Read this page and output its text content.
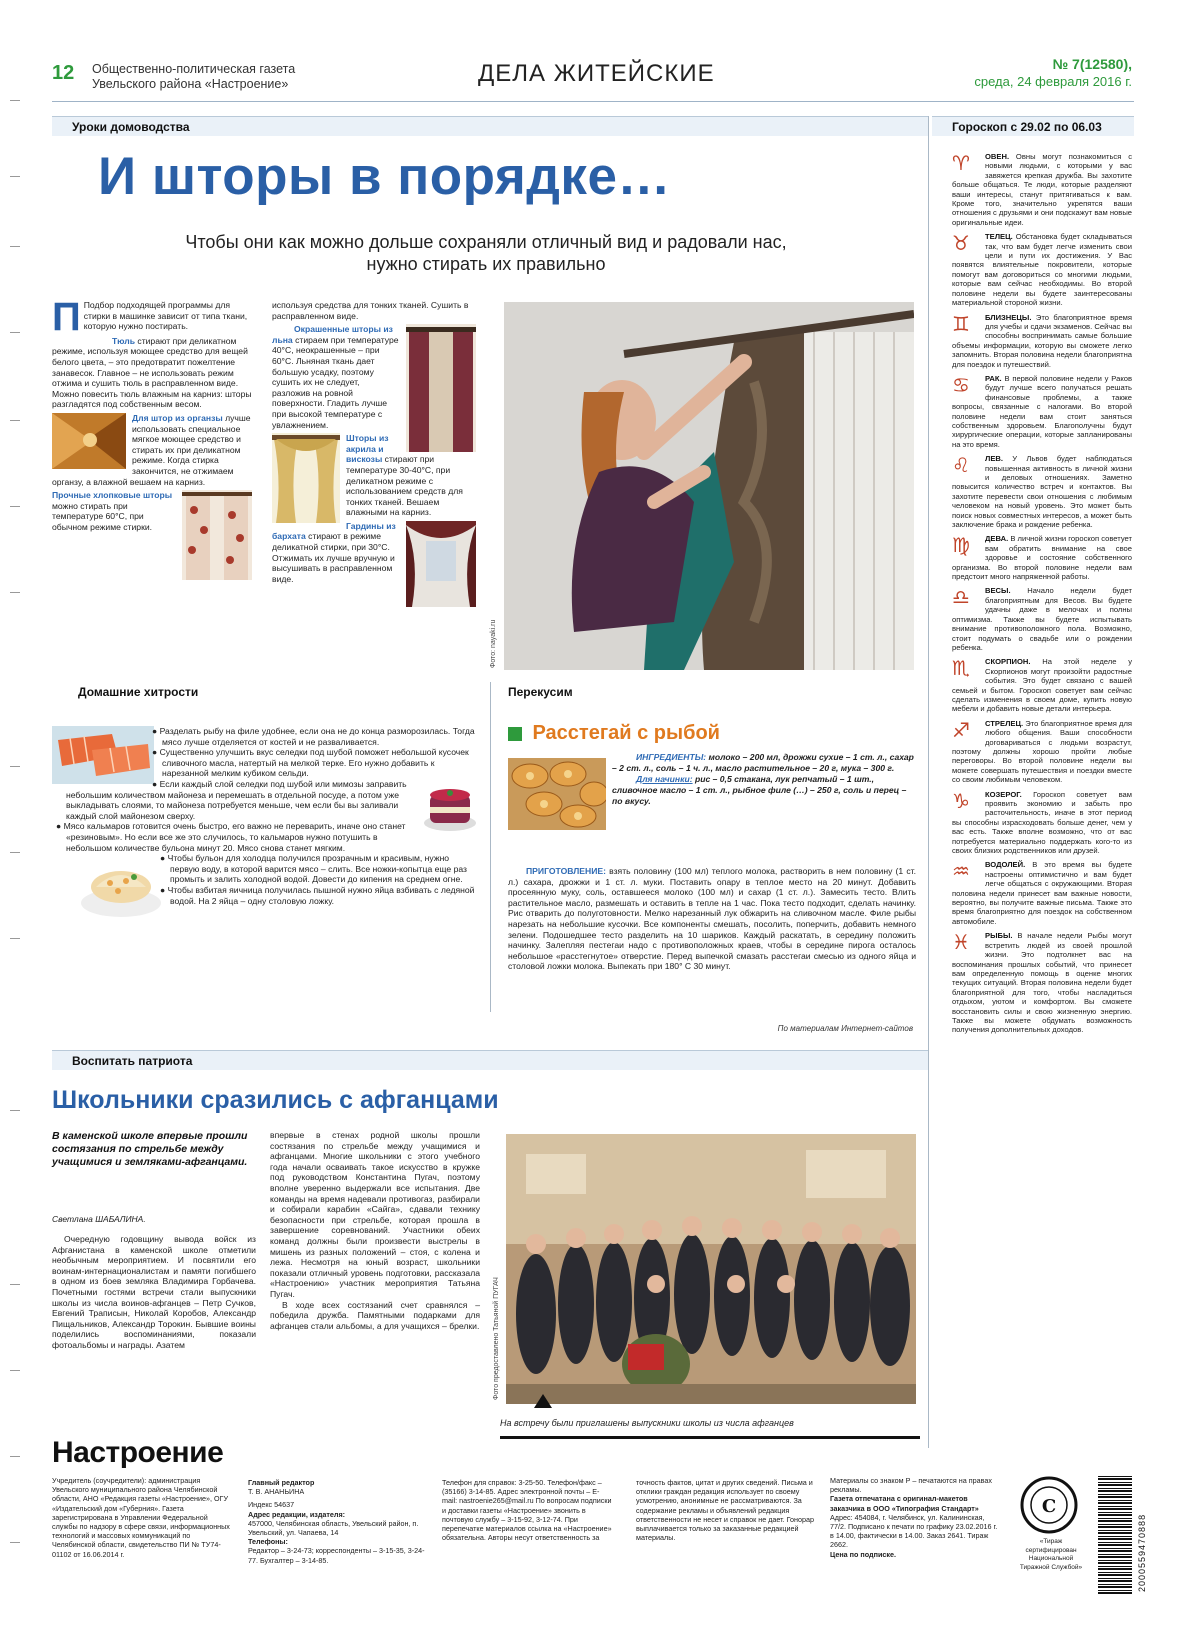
12 Общественно-политическая газета
Увельского района «Настроение»	ДЕЛА ЖИТЕЙСКИЕ	№ 7(12580),
среда, 24 февраля 2016 г.
Уроки домоводства
И шторы в порядке…
Чтобы они как можно дольше сохраняли отличный вид и радовали нас,
нужно стирать их правильно
П Подбор подходящей программы для стирки в машинке зависит от типа ткани, которую нужно постирать.
Тюль стирают при деликатном режиме, используя моющее средство для вещей белого цвета, – это предотвратит пожелтение занавесок. Главное – не использовать режим отжима и сушить тюль в расправленном виде. Можно повесить тюль влажным на карниз: шторы разгладятся под собственным весом.
Для штор из органзы лучше использовать специальное мягкое моющее средство и стирать их при деликатном режиме. Когда стирка закончится, не отжимаем органзу, а влажной вешаем на карниз.
Прочные хлопковые шторы можно стирать при температуре 60°С, при обычном режиме стирки.
используя средства для тонких тканей. Сушить в расправленном виде.
Окрашенные шторы из льна стираем при температуре 40°С, неокрашенные – при 60°С. Льняная ткань дает большую усадку, поэтому сушить их не следует, разложив на ровной поверхности. Гладить лучше при высокой температуре с увлажнением.
Шторы из акрила и вискозы стирают при температуре 30-40°С, при деликатном режиме с использованием средств для тонких тканей. Вешаем влажными на карниз.
Гардины из бархата стирают в режиме деликатной стирки, при 30°С. Отжимать их лучше вручную и высушивать в расправленном виде.
Фото: nayaki.ru
Домашние хитрости
● Разделать рыбу на филе удобнее, если она не до конца разморозилась. Тогда мясо лучше отделяется от костей и не разваливается.
● Существенно улучшить вкус селедки под шубой поможет небольшой кусочек сливочного масла, натертый на мелкой терке. Его нужно добавить к нарезанной мелким кубиком сельди.
● Если каждый слой селедки под шубой или мимозы заправить небольшим количеством майонеза и перемешать в отдельной посуде, а потом уже выкладывать слоями, то майонеза потребуется меньше, чем если бы вы заливали каждый слой майонезом сверху.
● Мясо кальмаров готовится очень быстро, его важно не переварить, иначе оно станет «резиновым». Но если все же это случилось, то кальмаров нужно потушить в небольшом количестве бульона минут 20. Мясо снова станет мягким.
● Чтобы бульон для холодца получился прозрачным и красивым, нужно первую воду, в которой варится мясо – слить. Все ножки-копытца еще раз промыть и залить холодной водой. Довести до кипения на среднем огне.
● Чтобы взбитая яичница получилась пышной нужно яйца взбивать с ледяной водой. На 2 яйца – одну столовую ложку.
Перекусим
Расстегай с рыбой
ИНГРЕДИЕНТЫ: молоко – 200 мл, дрожжи сухие – 1 ст. л., сахар – 2 ст. л., соль – 1 ч. л., масло растительное – 20 г, мука – 300 г.
Для начинки: рис – 0,5 стакана, лук репчатый – 1 шт., сливочное масло – 1 ст. л., рыбное филе (…) – 250 г, соль и перец – по вкусу.
ПРИГОТОВЛЕНИЕ: взять половину (100 мл) теплого молока, растворить в нем половину (1 ст. л.) сахара, дрожжи и 1 ст. л. муки. Поставить опару в теплое место на 20 минут. Добавить просеянную муку, соль, оставшееся молоко (100 мл) и сахар (1 ст. л.). Замесить тесто. Влить растительное масло, размешать и оставить в тепле на 1 час. Пока тесто подходит, сделать начинку. Рис отварить до полуготовности. Мелко нарезанный лук обжарить на сливочном масле. Филе рыбы нарезать на небольшие кусочки. Все компоненты смешать, посолить, поперчить, добавить немного зелени. Подошедшее тесто разделить на 10 шариков. Каждый раскатать, в середину положить начинку. Залепляя пестегаи надо с противоположных краев, чтобы в середине пирога осталось небольшое «расстегнутое» отверстие. Перед выпечкой смазать расстегаи смесью из одного яйца и столовой ложки молока. Выпекать при 180° С 30 минут.
По материалам Интернет-сайтов
Воспитать патриота
Школьники сразились с афганцами
В каменской школе впервые прошли состязания по стрельбе между учащимися и земляками-афганцами.
Светлана ШАБАЛИНА.
Очередную годовщину вывода войск из Афганистана в каменской школе отметили необычным мероприятием. И посвятили его воинам-интернационалистам и памяти погибшего в одном из боев земляка Владимира Горбачева. Почетными гостями встречи стали выпускники школы из числа воинов-афганцев – Петр Сучков, Евгений Траписын, Николай Коробов, Александр Пищальников, Александр Торокин. Бывшие воины поделились воспоминаниями, показали фотоальбомы и награды. Азатем
впервые в стенах родной школы прошли состязания по стрельбе между учащимися и афганцами. Многие школьники с этого учебного года начали осваивать такое искусство в кружке под руководством Константина Пугач, поэтому вполне уверенно выдержали все испытания. Две команды на время надевали противогаз, разбирали и собирали карабин «Сайга», сдавали технику безопасности при стрельбе, которая прошла в завершение соревнований. Участники обеих команд должны были произвести выстрелы в мишень из разных положений – стоя, с колена и лежа. Несмотря на юный возраст, школьники показали отличный уровень подготовки, рассказала «Настроению» участник мероприятия Татьяна Пугач.
В ходе всех состязаний счет сравнялся – победила дружба. Памятными подарками для афганцев стали альбомы, а для учащихся – брелки. Фото предоставлено Татьяной ПУГАЧ
На встречу были приглашены выпускники школы из числа афганцев
Гороскоп с 29.02 по 06.03
♈	ОВЕН. Овны могут познакомиться с новыми людьми, с которыми у вас завяжется крепкая дружба. Вы захотите больше общаться. Те люди, которые разделяют ваши интересы, станут притягиваться к вам. Кроме того, значительно укрепятся ваши отношения с друзьями и они подскажут вам новые оригинальные идеи.
♉	ТЕЛЕЦ. Обстановка будет складываться так, что вам будет легче изменить свои цели и пути их достижения. У Вас появятся влиятельные покровители, которые помогут вам договориться со многими людьми, которые вам сейчас необходимы. Во второй половине недели вы будете заинтересованы материальной стороной жизни.
♊	БЛИЗНЕЦЫ. Это благоприятное время для учебы и сдачи экзаменов. Сейчас вы способны воспринимать самые большие объемы информации, которую вы сможете легко запомнить. Вторая половина недели благоприятна для поездок и путешествий.
♋	РАК. В первой половине недели у Раков будут лучше всего получаться решать финансовые проблемы, а также вопросы, связанные с налогами. Во второй половине недели вам стоит заняться собственным здоровьем. Благополучны будут хирургические операции, которые запланированы на это время.
♌	ЛЕВ. У Львов будет наблюдаться повышенная активность в личной жизни и деловых отношениях. Заметно повысится количество встреч и контактов. Вы захотите перевести свои отношения с любимым человеком на новый уровень. Это может быть поиск новых совместных интересов, а может быть заключение брака и рождение ребенка.
♍	ДЕВА. В личной жизни гороскоп советует вам обратить внимание на свое здоровье и состояние собственного организма. Во второй половине недели вам предстоит много напряженной работы.
♎	ВЕСЫ. Начало недели будет благоприятным для Весов. Вы будете удачны даже в мелочах и полны оптимизма. Также вы будете испытывать внимание противоположного пола. Возможно, стоит подумать о свадьбе или о рождении ребенка.
♏	СКОРПИОН. На этой неделе у Скорпионов могут произойти радостные события. Это будет связано с вашей семьей и бытом. Гороскоп советует вам сейчас сделать изменения в своем доме, купить новую мебели и добавить новые детали интерьера.
♐	СТРЕЛЕЦ. Это благоприятное время для любого общения. Ваши способности договариваться с людьми возрастут, поэтому должны хорошо пройти любые переговоры. Во второй половине недели вы можете совершать путешествия и поездки вместе со своим любимым человеком.
♑	КОЗЕРОГ. Гороскоп советует вам проявить экономию и забыть про расточительность, иначе в этот период вы способны израсходовать больше денег, чем у вас есть. Также вполне возможно, что от вас потребуется материально поддержать кого-то из своих близких родственников или друзей.
♒	ВОДОЛЕЙ. В это время вы будете настроены оптимистично и вам будет легче общаться с окружающими. Вторая половина недели принесет вам важные новости, вероятно, вы получите важные письма. Также это время благоприятно для поездок на собственном автомобиле.
♓	РЫБЫ. В начале недели Рыбы могут встретить людей из своей прошлой жизни. Это подтолкнет вас на воспоминания прошлых событий, что принесет вам определенную помощь в оценке многих текущих ситуаций. Вторая половина недели будет благоприятной для того, чтобы насладиться отдыхом, уютом и комфортом. Вы сможете восстановить силы и свою жизненную энергию. Также вы можете обдумать возможность получения дополнительных доходов.
Настроение
Учредитель (соучредители): администрация Увельского муниципального района Челябинской области, АНО «Редакция газеты «Настроение», ОГУ «Издательский дом «Губерния». Газета зарегистрирована в Управлении Федеральной службы по надзору в сфере связи, информационных технологий и массовых коммуникаций по Челябинской области, свидетельство ПИ № ТУ74-01102 от 16.06.2014 г.
Главный редактор
Т. В. АНАНЬИНА
Индекс 54637
Адрес редакции, издателя:
457000, Челябинская область, Увельский район, п. Увельский, ул. Чапаева, 14
Телефоны:
Редактор – 3-24-73; корреспонденты – 3-15-35, 3-24-77. Бухгалтер – 3-14-85.
Телефон для справок: 3-25-50. Телефон/факс – (35166) 3-14-85. Адрес электронной почты – E-mail: nastroenie265@mail.ru По вопросам подписки и доставки газеты «Настроение» звонить в почтовую службу – 3-15-92, 3-12-74. При перепечатке материалов ссылка на «Настроение» обязательна. Авторы несут ответственность за
точность фактов, цитат и других сведений. Письма и отклики граждан редакция использует по своему усмотрению, анонимные не рассматриваются. За содержание рекламы и объявлений редакция ответственности не несет и справок не дает. Гонорар выплачивается только за заказанные редакцией материалы.
Материалы со знаком Р – печатаются на правах рекламы.
Газета отпечатана с оригинал-макетов заказчика в ООО «Типография Стандарт»
Адрес: 454084, г. Челябинск, ул. Калининская, 77/2. Подписано к печати по графику 23.02.2016 г. в 14.00, фактически в 14.00. Заказ 2641. Тираж 2662.
Цена по подписке.
С
«Тираж сертифицирован Национальной Тиражной Службой»	2000559470888
